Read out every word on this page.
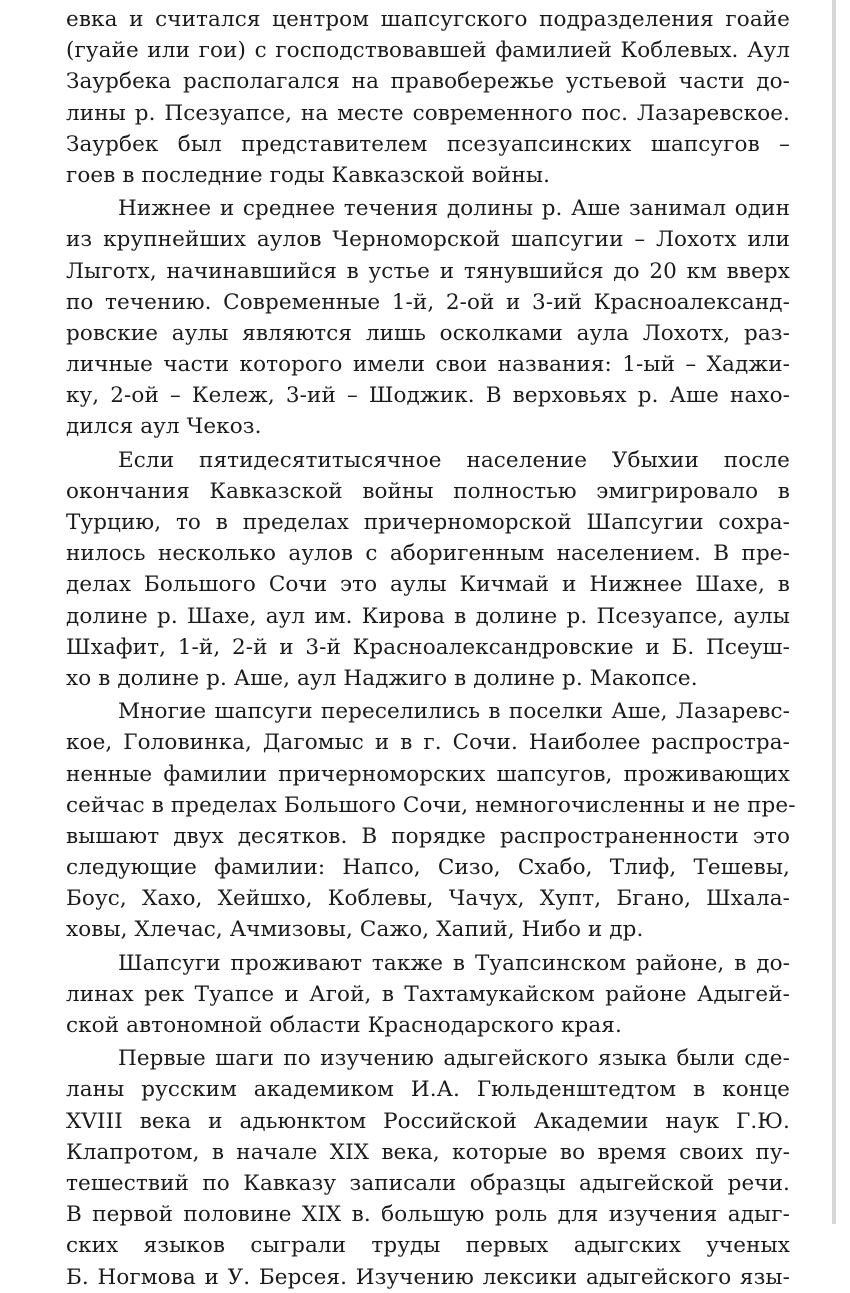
евка и считался центром шапсугского подразделения гоайе
(гуайе или гои) с господствовавшей фамилией Коблевых. Аул
Заурбека располагался на правобережье устьевой части до-
лины р. Псезуапсе, на месте современного пос. Лазаревское.
Заурбек был представителем псезуапсинских шапсугов –
гоев в последние годы Кавказской войны.
Нижнее и среднее течения долины р. Аше занимал один
из крупнейших аулов Черноморской шапсугии – Лохотх или
Лыготх, начинавшийся в устье и тянувшийся до 20 км вверх
по течению. Современные 1-й, 2-ой и 3-ий Красноалександ-
ровские аулы являются лишь осколками аула Лохотх, раз-
личные части которого имели свои названия: 1-ый – Хаджи-
ку, 2-ой – Кележ, 3-ий – Шоджик. В верховьях р. Аше нахо-
дился аул Чекоз.
Если пятидесятитысячное население Убыхии после
окончания Кавказской войны полностью эмигрировало в
Турцию, то в пределах причерноморской Шапсугии сохра-
нилось несколько аулов с аборигенным населением. В пре-
делах Большого Сочи это аулы Кичмай и Нижнее Шахе, в
долине р. Шахе, аул им. Кирова в долине р. Псезуапсе, аулы
Шхафит, 1-й, 2-й и 3-й Красноалександровские и Б. Псеуш-
хо в долине р. Аше, аул Наджиго в долине р. Макопсе.
Многие шапсуги переселились в поселки Аше, Лазаревс-
кое, Головинка, Дагомыс и в г. Сочи. Наиболее распростра-
ненные фамилии причерноморских шапсугов, проживающих
сейчас в пределах Большого Сочи, немногочисленны и не пре-
вышают двух десятков. В порядке распространенности это
следующие фамилии: Напсо, Сизо, Схабо, Тлиф, Тешевы,
Боус, Хахо, Хейшхо, Коблевы, Чачух, Хупт, Бгано, Шхала-
ховы, Хлечас, Ачмизовы, Сажо, Хапий, Нибо и др.
Шапсуги проживают также в Туапсинском районе, в до-
линах рек Туапсе и Агой, в Тахтамукайском районе Адыгей-
ской автономной области Краснодарского края.
Первые шаги по изучению адыгейского языка были сде-
ланы русским академиком И.А. Гюльденштедтом в конце
XVIII века и адьюнктом Российской Академии наук Г.Ю.
Клапротом, в начале XIX века, которые во время своих пу-
тешествий по Кавказу записали образцы адыгейской речи.
В первой половине XIX в. большую роль для изучения адыг-
ских языков сыграли труды первых адыгских ученых
Б. Ногмова и У. Берсея. Изучению лексики адыгейского язы-
